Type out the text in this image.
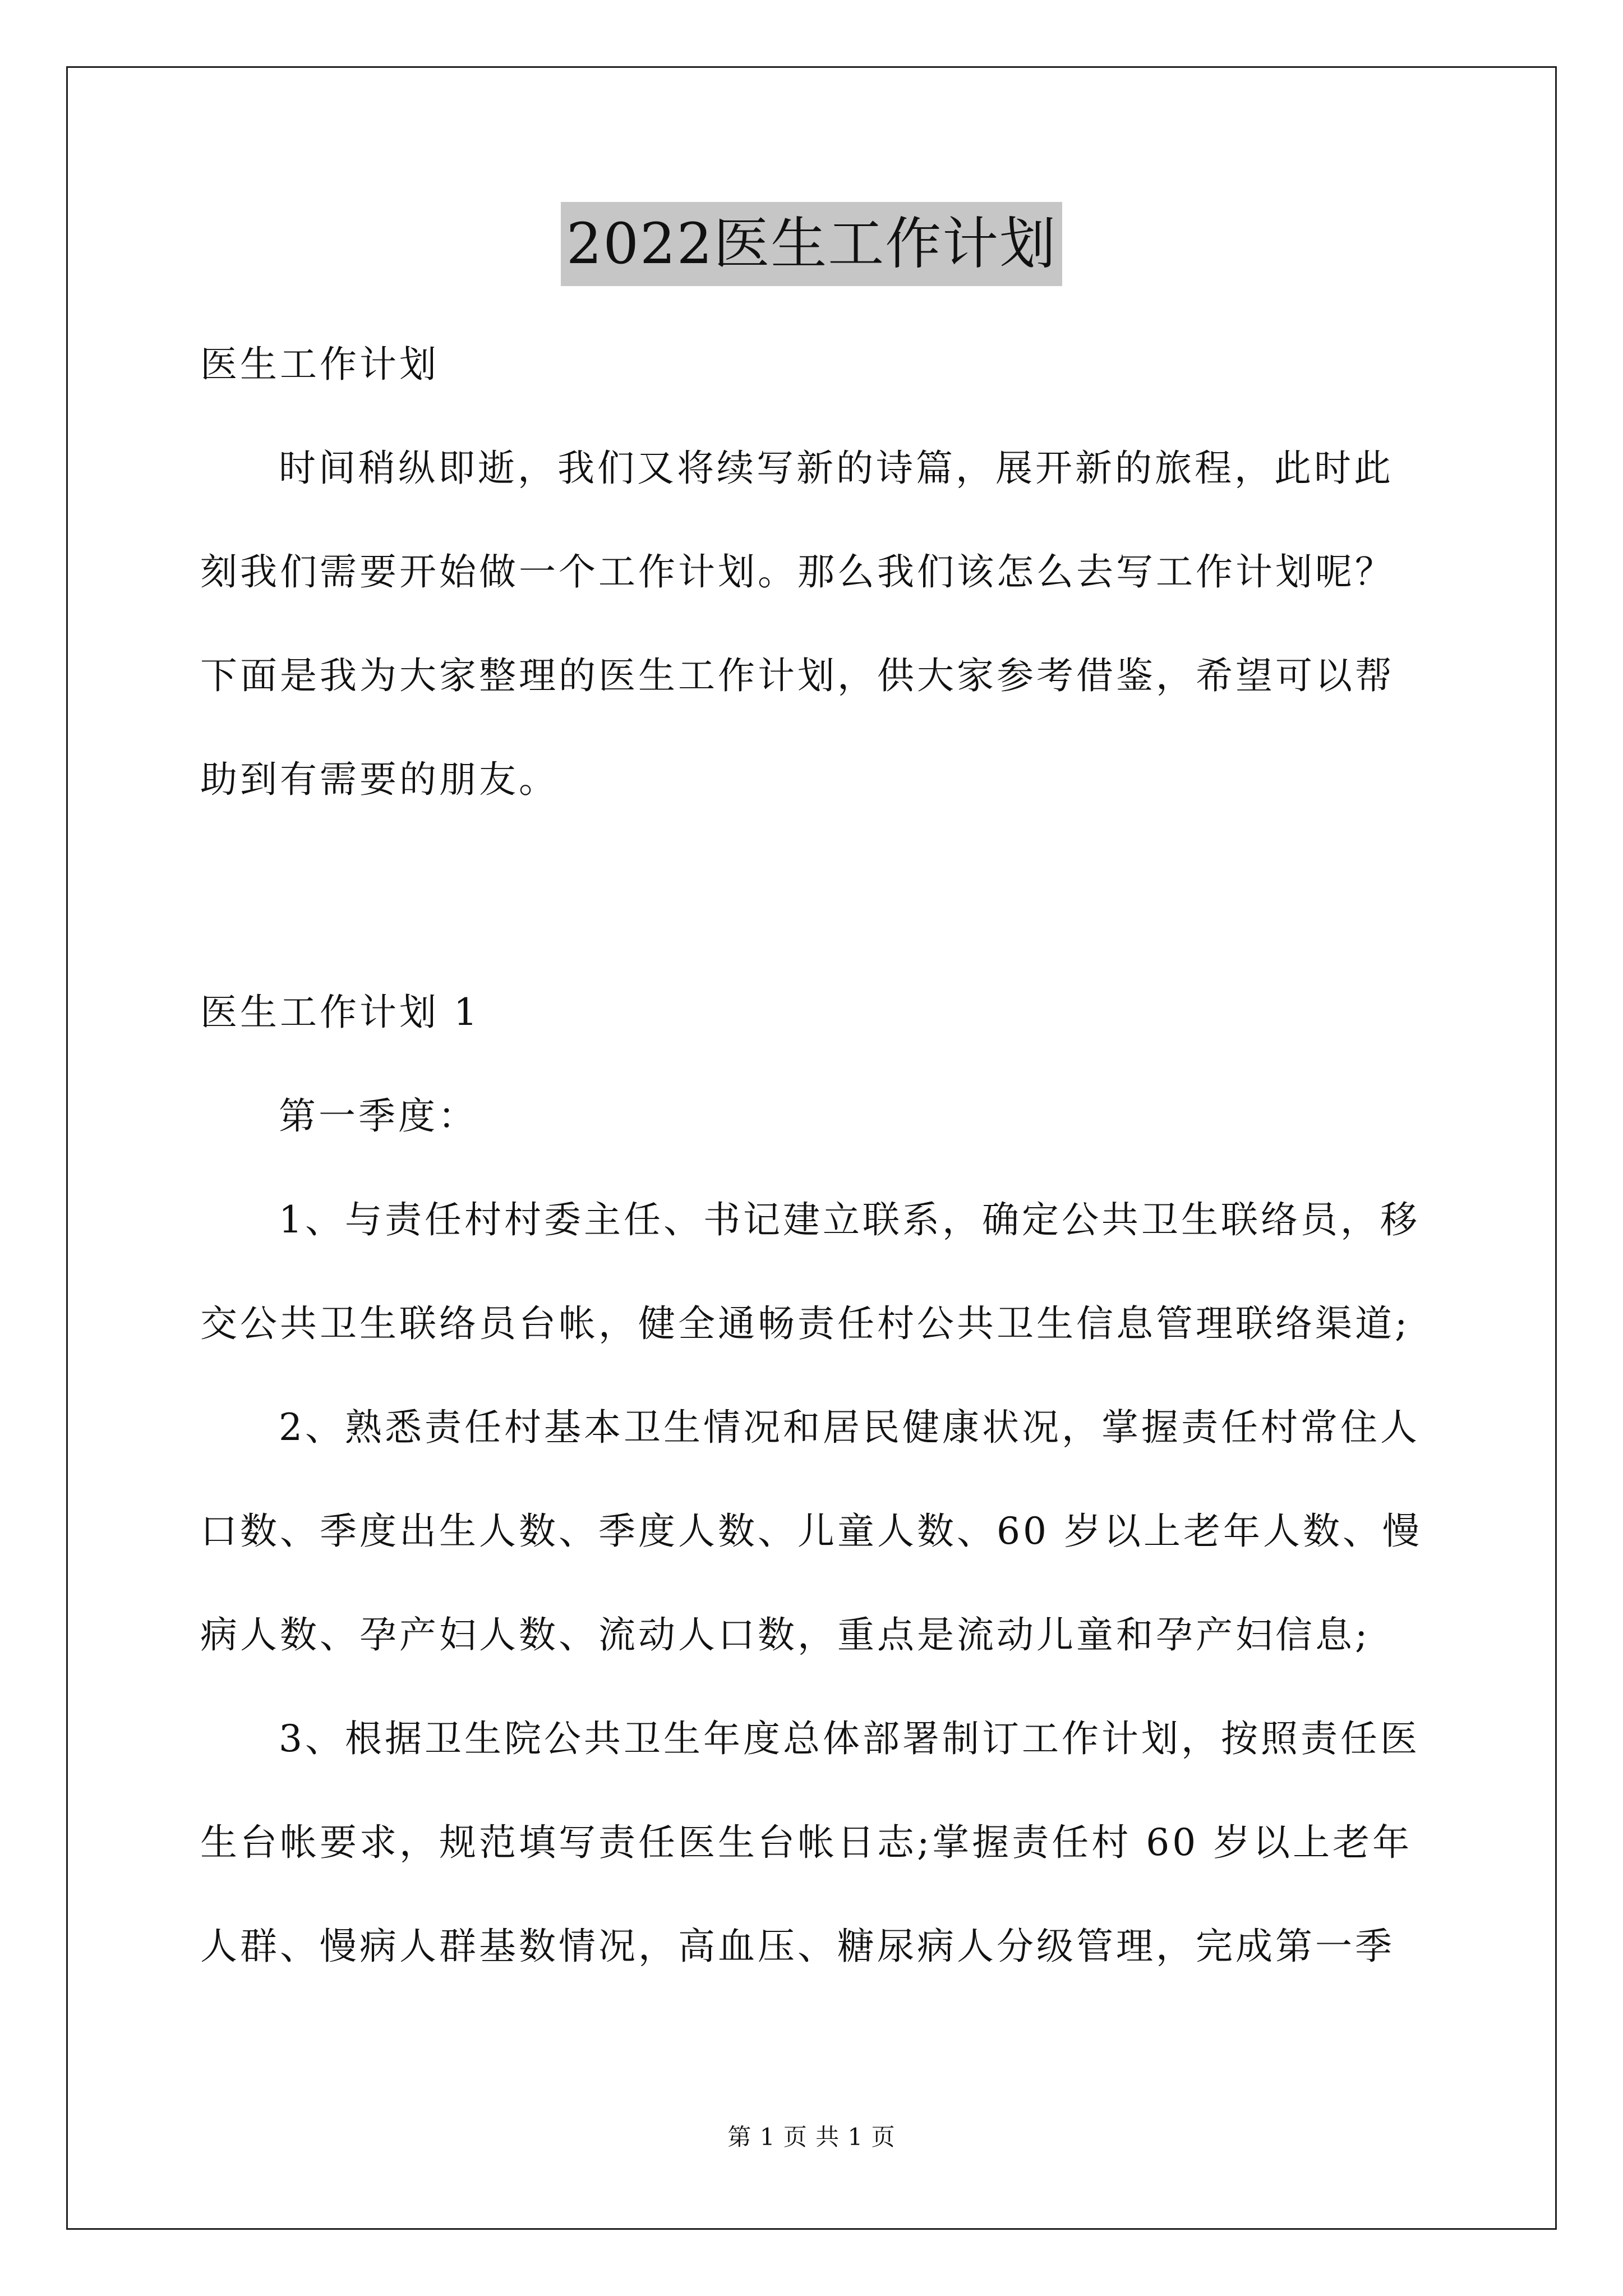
2022医生工作计划
医生工作计划
时间稍纵即逝，我们又将续写新的诗篇，展开新的旅程，此时此
刻我们需要开始做一个工作计划。那么我们该怎么去写工作计划呢？
下面是我为大家整理的医生工作计划，供大家参考借鉴，希望可以帮
助到有需要的朋友。
医生工作计划 1
第一季度：
1、与责任村村委主任、书记建立联系，确定公共卫生联络员，移
交公共卫生联络员台帐，健全通畅责任村公共卫生信息管理联络渠道;
2、熟悉责任村基本卫生情况和居民健康状况，掌握责任村常住人
口数、季度出生人数、季度人数、儿童人数、60 岁以上老年人数、慢
病人数、孕产妇人数、流动人口数，重点是流动儿童和孕产妇信息;
3、根据卫生院公共卫生年度总体部署制订工作计划，按照责任医
生台帐要求，规范填写责任医生台帐日志;掌握责任村 60 岁以上老年
人群、慢病人群基数情况，高血压、糖尿病人分级管理，完成第一季
第 1 页 共 1 页
